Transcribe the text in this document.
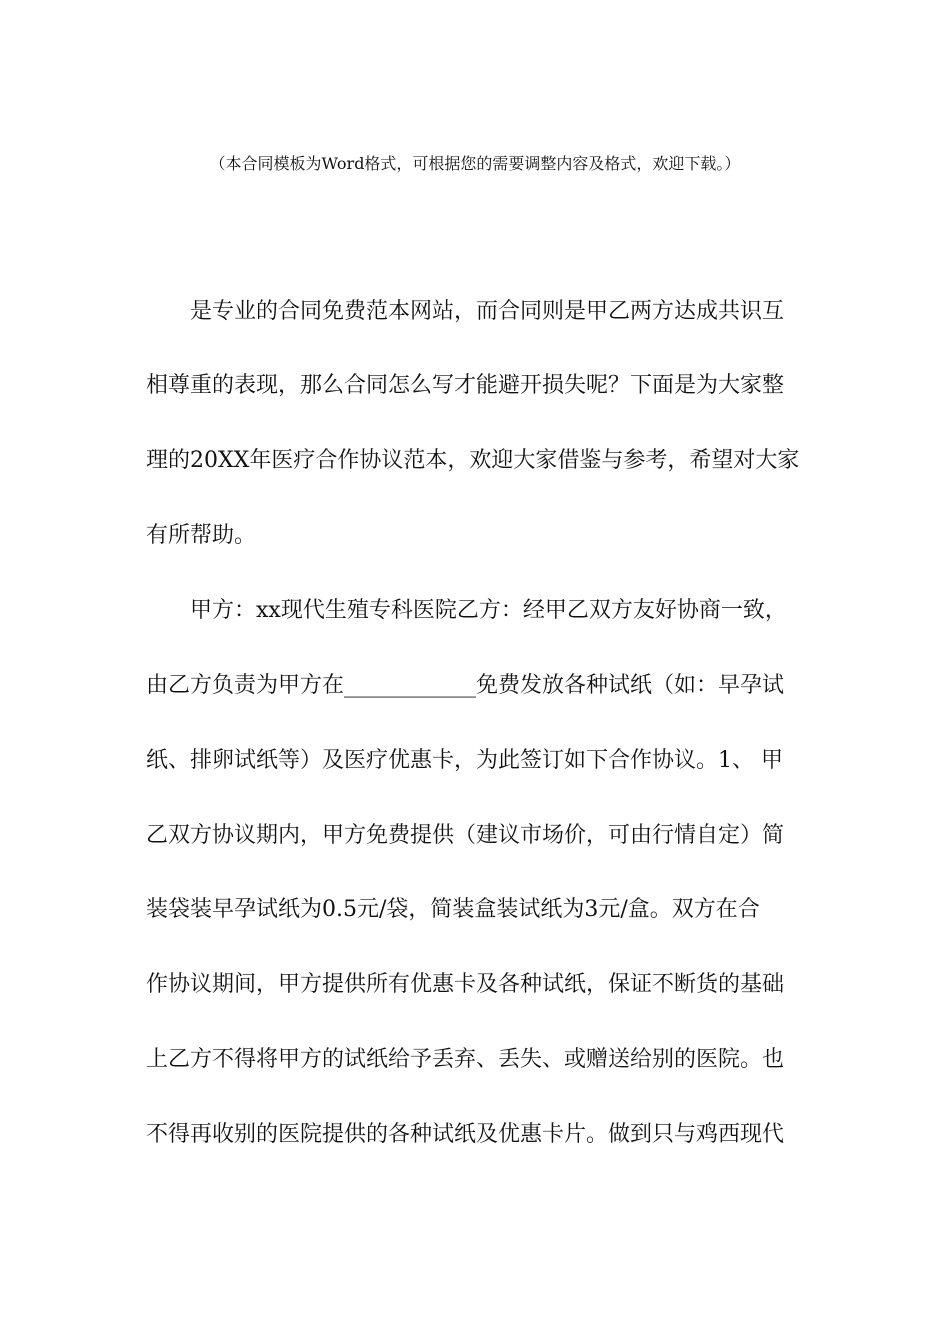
（本合同模板为Word格式，可根据您的需要调整内容及格式，欢迎下载。）
是专业的合同免费范本网站，而合同则是甲乙两方达成共识互
相尊重的表现，那么合同怎么写才能避开损失呢？下面是为大家整
理的20XX年医疗合作协议范本，欢迎大家借鉴与参考，希望对大家
有所帮助。
甲方：xx现代生殖专科医院乙方：经甲乙双方友好协商一致，
由乙方负责为甲方在____________免费发放各种试纸（如：早孕试
纸、排卵试纸等）及医疗优惠卡，为此签订如下合作协议。1、 甲
乙双方协议期内，甲方免费提供（建议市场价，可由行情自定）简
装袋装早孕试纸为0.5元/袋，简装盒装试纸为3元/盒。双方在合
作协议期间，甲方提供所有优惠卡及各种试纸，保证不断货的基础
上乙方不得将甲方的试纸给予丢弃、丢失、或赠送给别的医院。也
不得再收别的医院提供的各种试纸及优惠卡片。做到只与鸡西现代
